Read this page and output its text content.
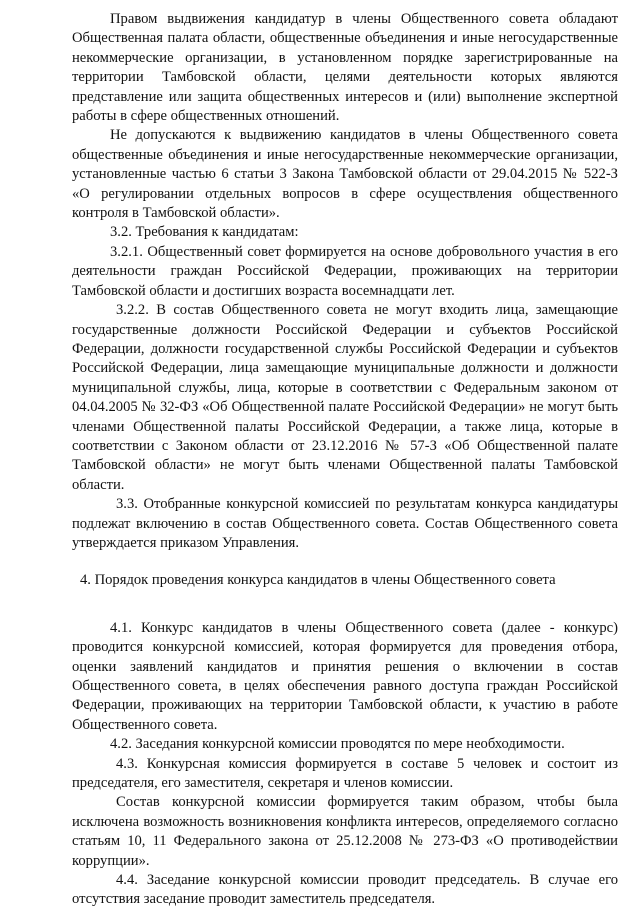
Правом выдвижения кандидатур в члены Общественного совета обладают Общественная палата области, общественные объединения и иные негосударственные некоммерческие организации, в установленном порядке зарегистрированные на территории Тамбовской области, целями деятельности которых являются представление или защита общественных интересов и (или) выполнение экспертной работы в сфере общественных отношений.

Не допускаются к выдвижению кандидатов в члены Общественного совета общественные объединения и иные негосударственные некоммерческие организации, установленные частью 6 статьи 3 Закона Тамбовской области от 29.04.2015 № 522-З «О регулировании отдельных вопросов в сфере осуществления общественного контроля в Тамбовской области».

3.2. Требования к кандидатам:

3.2.1. Общественный совет формируется на основе добровольного участия в его деятельности граждан Российской Федерации, проживающих на территории Тамбовской области и достигших возраста восемнадцати лет.

3.2.2. В состав Общественного совета не могут входить лица, замещающие государственные должности Российской Федерации и субъектов Российской Федерации, должности государственной службы Российской Федерации и субъектов Российской Федерации, лица замещающие муниципальные должности и должности муниципальной службы, лица, которые в соответствии с Федеральным законом от 04.04.2005 № 32-ФЗ «Об Общественной палате Российской Федерации» не могут быть членами Общественной палаты Российской Федерации, а также лица, которые в соответствии с Законом области от 23.12.2016 № 57-З «Об Общественной палате Тамбовской области» не могут быть членами Общественной палаты Тамбовской области.

3.3. Отобранные конкурсной комиссией по результатам конкурса кандидатуры подлежат включению в состав Общественного совета. Состав Общественного совета утверждается приказом Управления.

4. Порядок проведения конкурса кандидатов в члены Общественного совета

4.1. Конкурс кандидатов в члены Общественного совета (далее - конкурс) проводится конкурсной комиссией, которая формируется для проведения отбора, оценки заявлений кандидатов и принятия решения о включении в состав Общественного совета, в целях обеспечения равного доступа граждан Российской Федерации, проживающих на территории Тамбовской области, к участию в работе Общественного совета.

4.2. Заседания конкурсной комиссии проводятся по мере необходимости.

4.3. Конкурсная комиссия формируется в составе 5 человек и состоит из председателя, его заместителя, секретаря и членов комиссии.

Состав конкурсной комиссии формируется таким образом, чтобы была исключена возможность возникновения конфликта интересов, определяемого согласно статьям 10, 11 Федерального закона от 25.12.2008 № 273-ФЗ «О противодействии коррупции».

4.4. Заседание конкурсной комиссии проводит председатель. В случае его отсутствия заседание проводит заместитель председателя.
